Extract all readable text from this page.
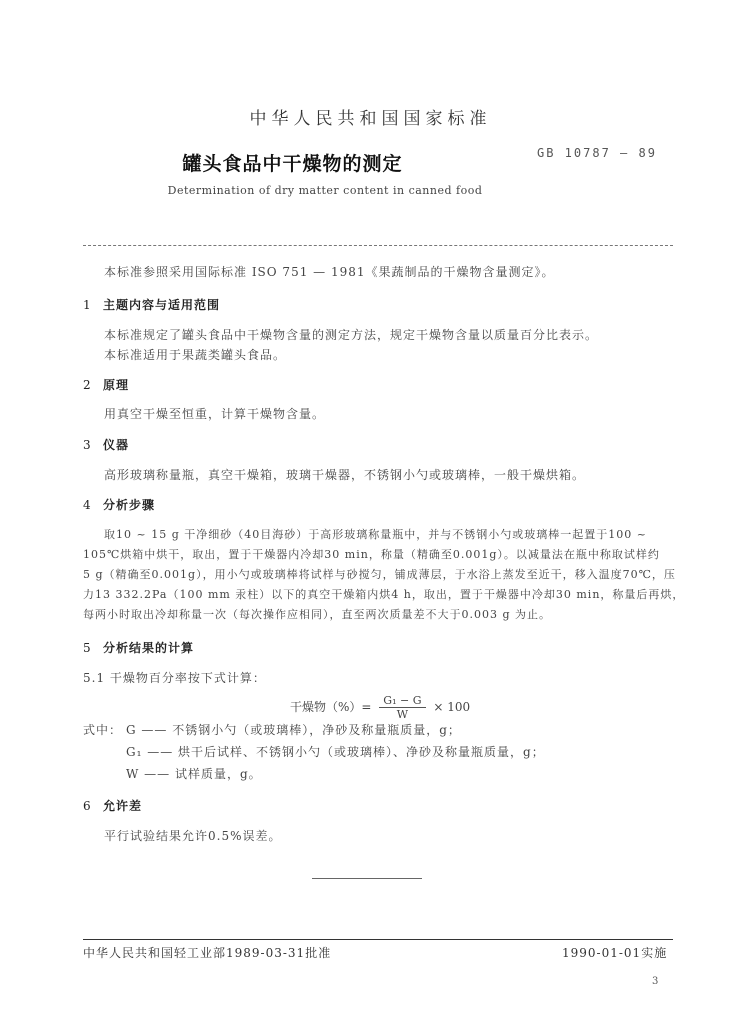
中华人民共和国国家标准
罐头食品中干燥物的测定	GB 10787 — 89
Determination of dry matter content in canned food
本标准参照采用国际标准 ISO 751 — 1981《果蔬制品的干燥物含量测定》。
1 主题内容与适用范围
本标准规定了罐头食品中干燥物含量的测定方法，规定干燥物含量以质量百分比表示。
本标准适用于果蔬类罐头食品。
2 原理
用真空干燥至恒重，计算干燥物含量。
3 仪器
高形玻璃称量瓶，真空干燥箱，玻璃干燥器，不锈钢小勺或玻璃棒，一般干燥烘箱。
4 分析步骤
取10 ~ 15 g 干净细砂（40目海砂）于高形玻璃称量瓶中，并与不锈钢小勺或玻璃棒一起置于100 ~
105℃烘箱中烘干，取出，置于干燥器内冷却30 min，称量（精确至0.001g）。以减量法在瓶中称取试样约
5 g（精确至0.001g），用小勺或玻璃棒将试样与砂搅匀，铺成薄层，于水浴上蒸发至近干，移入温度70℃，压
力13 332.2Pa（100 mm 汞柱）以下的真空干燥箱内烘4 h，取出，置于干燥器中冷却30 min，称量后再烘，
每两小时取出冷却称量一次（每次操作应相同），直至两次质量差不大于0.003 g 为止。
5 分析结果的计算
5.1 干燥物百分率按下式计算：
干燥物（%）= $\frac{\text{G₁ − G}}{W} \times 100$
式中： G —— 不锈钢小勺（或玻璃棒），净砂及称量瓶质量，g；
G₁ —— 烘干后试样、不锈钢小勺（或玻璃棒）、净砂及称量瓶质量，g；
W —— 试样质量，g。
6 允许差
平行试验结果允许0.5%误差。
中华人民共和国轻工业部1989-03-31批准	1990-01-01实施
3
